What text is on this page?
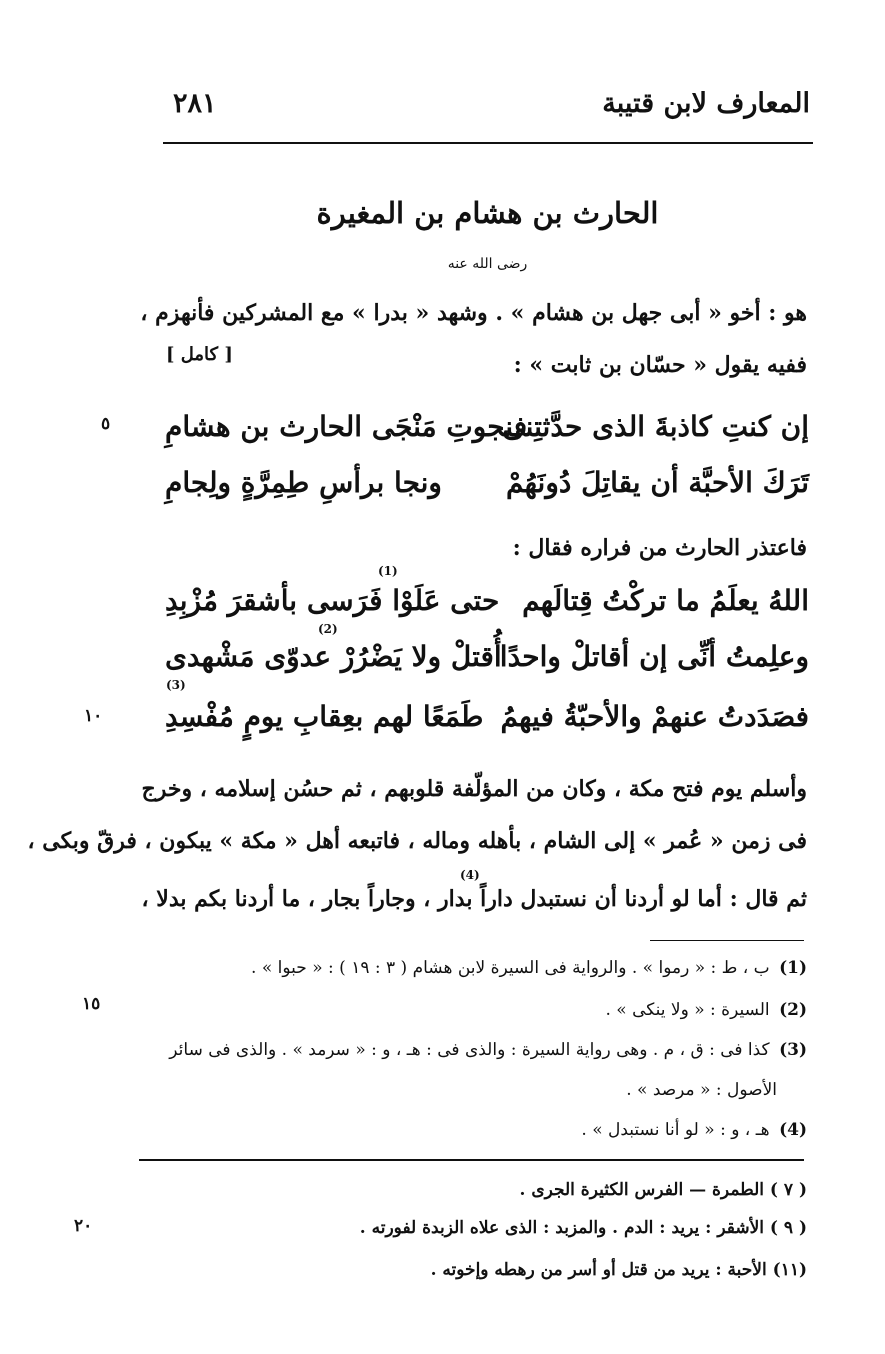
المعارف لابن قتيبة
٢٨١
الحارث بن هشام بن المغيرة
رضى الله عنه
هو : أخو « أبى جهل بن هشام » . وشهد « بدرا » مع المشركين فأنهزم ،
ففيه يقول « حسّان بن ثابت » :
[ كامل ]
إن كنتِ كاذبةَ الذى حدَّثتِنى
فنجوتِ مَنْجَى الحارث بن هشامِ
تَرَكَ الأحبَّة أن يقاتِلَ دُونَهُمْ
ونجا برأسِ طِمِرَّةٍ ولِجامِ
فاعتذر الحارث من فراره فقال :
اللهُ يعلَمُ ما تركْتُ قِتالَهم
حتى عَلَوْا فَرَسى بأشقرَ مُزْبِدِ
(1)
وعلِمتُ أنِّى إن أقاتلْ واحدًا
أُقتلْ ولا يَضْرُرْ عدوّى مَشْهدى
(2)
فصَدَدتُ عنهمْ والأحبّةُ فيهمُ
طَمَعًا لهم بعِقابِ يومٍ مُفْسِدِ
(3)
وأسلم يوم فتح مكة ، وكان من المؤلّفة قلوبهم ، ثم حسُن إسلامه ، وخرج
فى زمن « عُمر » إلى الشام ، بأهله وماله ، فاتبعه أهل « مكة » يبكون ، فرقّ وبكى ،
ثم قال : أما لو أردنا أن نستبدل داراً بدار ، وجاراً بجار ، ما أردنا بكم بدلا ،
(4)
٥
١٠
١٥
٢٠
(1) ب ، ط : « رموا » . والرواية فى السيرة لابن هشام ( ٣ : ١٩ ) : « حبوا » .
(2) السيرة : « ولا ينكى » .
(3) كذا فى : ق ، م . وهى رواية السيرة : والذى فى : هـ ، و : « سرمد » . والذى فى سائر
الأصول : « مرصد » .
(4) هـ ، و : « لو أنا نستبدل » .
( ٧ ) الطمرة — الفرس الكثيرة الجرى .
( ٩ ) الأشقر : يريد : الدم . والمزبد : الذى علاه الزبدة لفورته .
(١١) الأحبة : يريد من قتل أو أسر من رهطه وإخوته .
